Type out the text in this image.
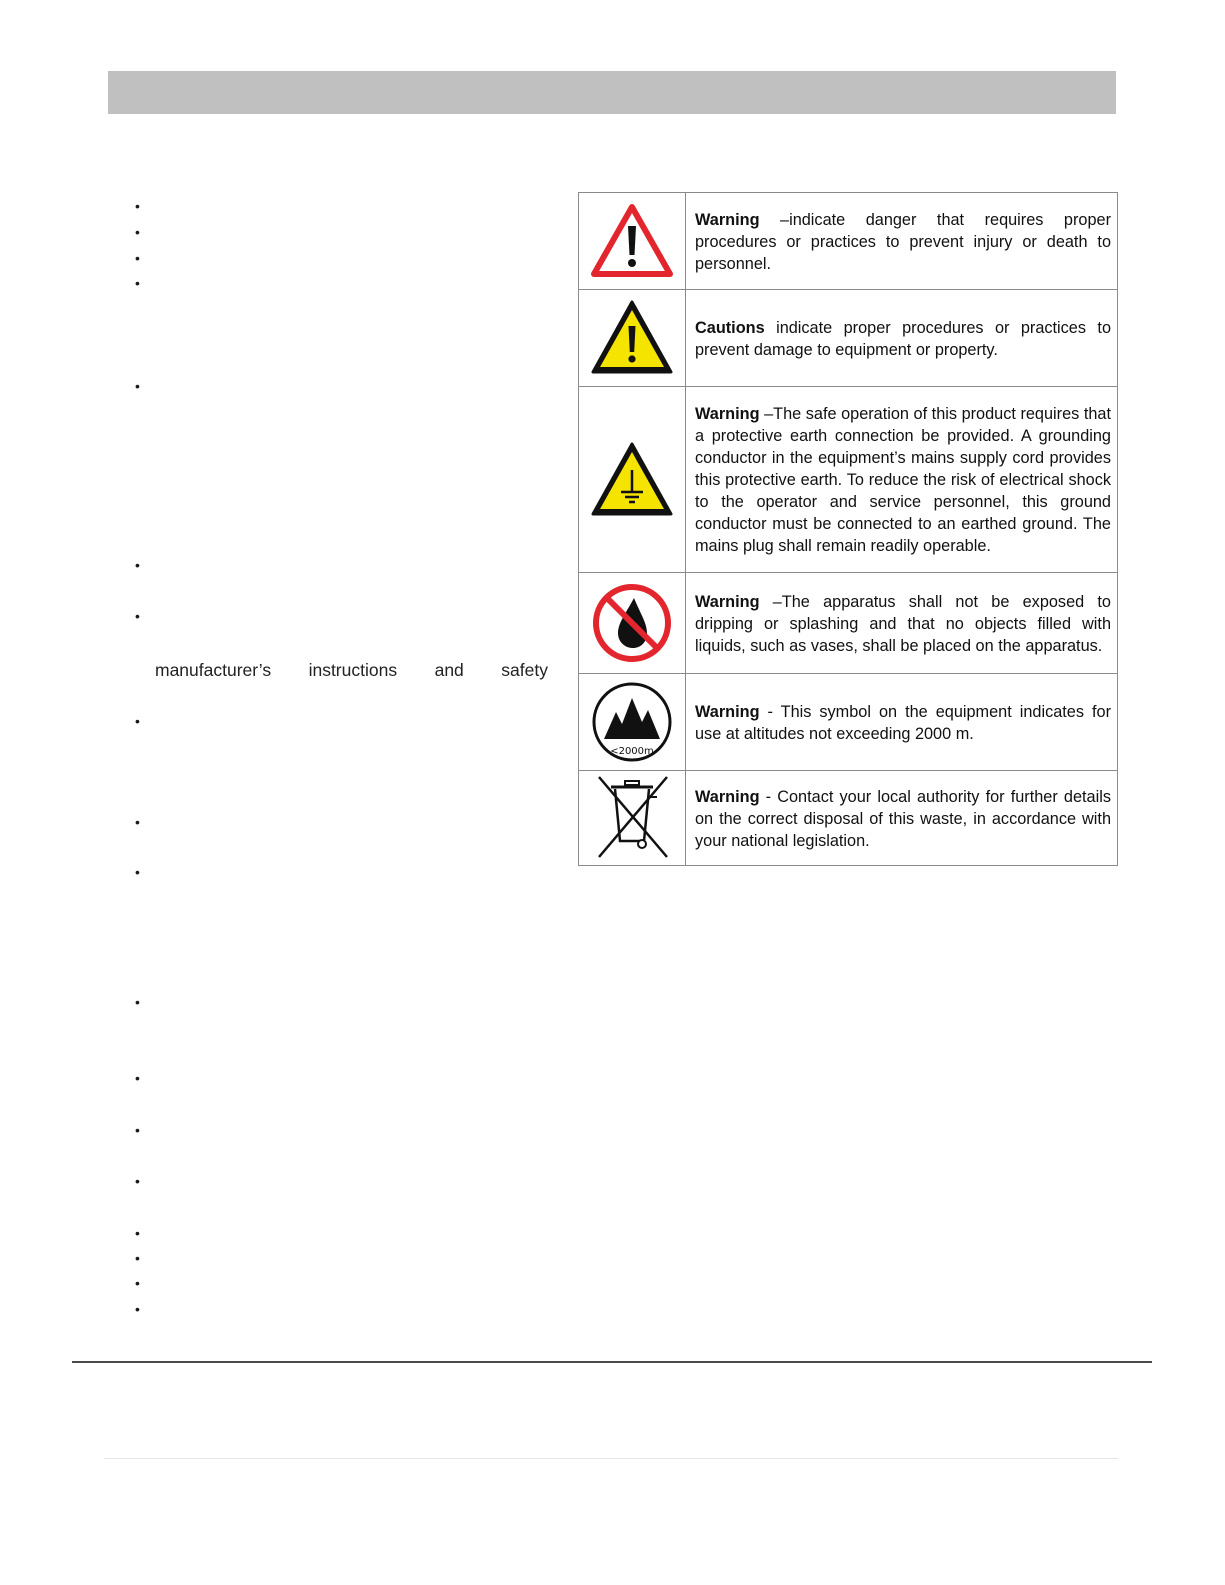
•
•
•
•
•
•
•
•
•
•
•
•
•
•
•
•
•
•
manufacturer’s instructions and safety
	Warning –indicate danger that requires proper procedures or practices to prevent injury or death to personnel.

	Cautions indicate proper procedures or practices to prevent damage to equipment or property.

	Warning –The safe operation of this product requires that a protective earth connection be provided. A grounding conductor in the equipment’s mains supply cord provides this protective earth. To reduce the risk of electrical shock to the operator and service personnel, this ground conductor must be connected to an earthed ground. The mains plug shall remain readily operable.

	Warning –The apparatus shall not be exposed to dripping or splashing and that no objects filled with liquids, such as vases, shall be placed on the apparatus.

<2000m	Warning - This symbol on the equipment indicates for use at altitudes not exceeding 2000 m.

	Warning - Contact your local authority for further details on the correct disposal of this waste, in accordance with your national legislation.
